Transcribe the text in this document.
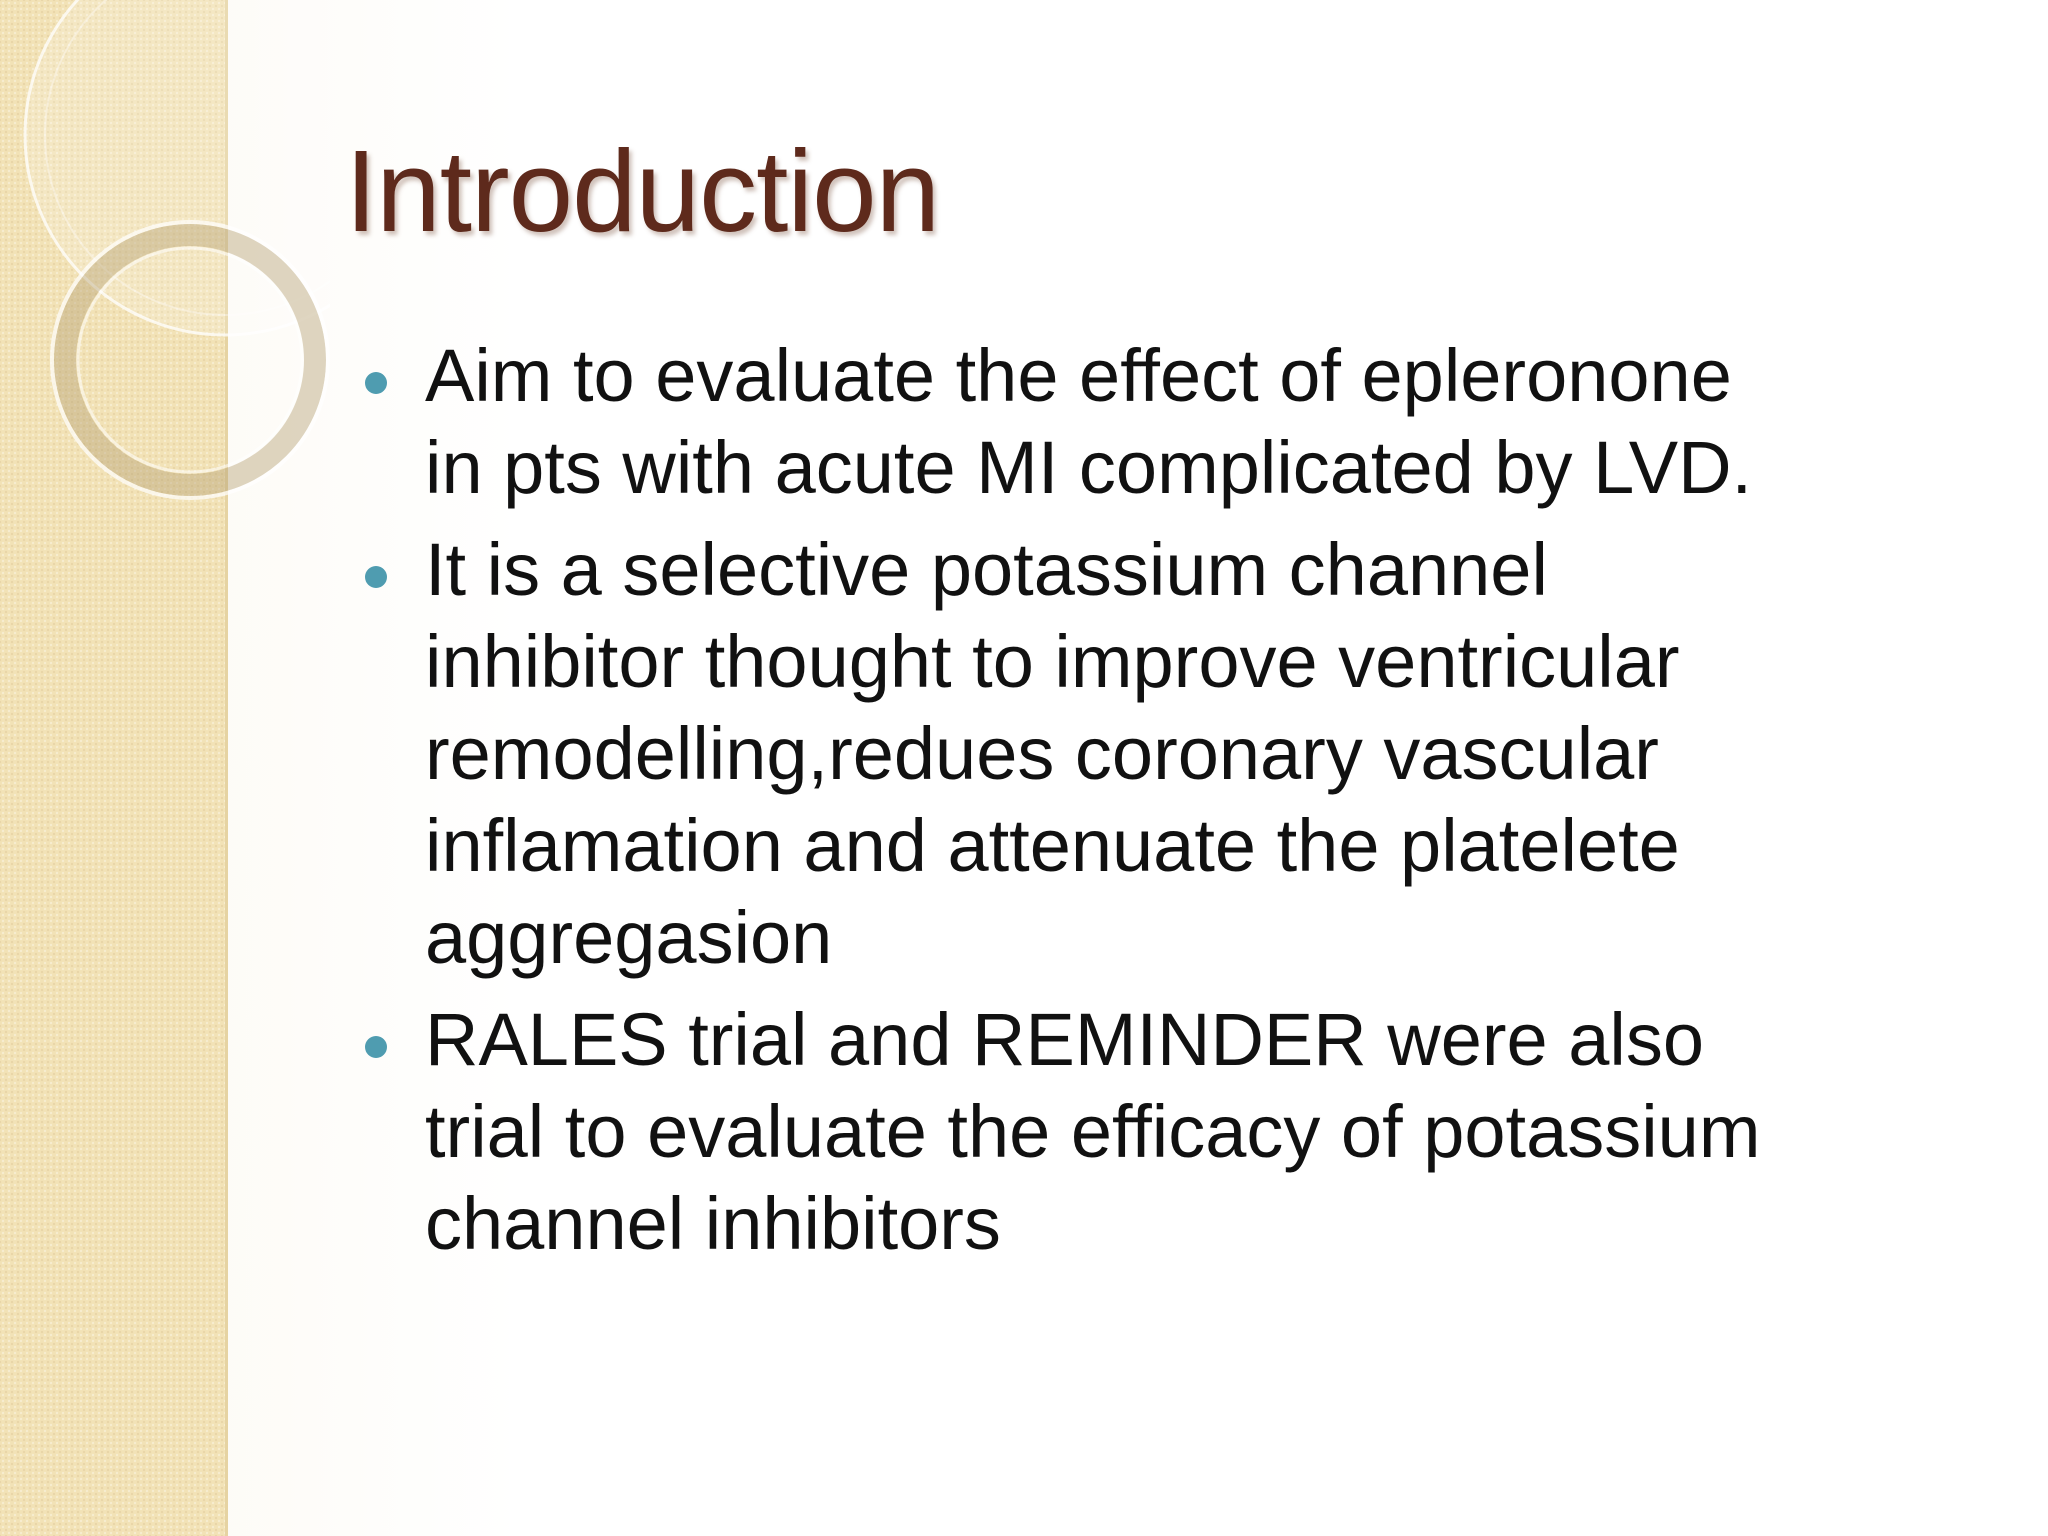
Introduction
Aim to evaluate the effect of epleronone
in pts with acute MI complicated by LVD.
It is a selective potassium channel
inhibitor thought to improve ventricular
remodelling,redues coronary vascular
inflamation and attenuate the platelete
aggregasion
RALES trial and REMINDER were also
trial to evaluate the efficacy of potassium
channel inhibitors
